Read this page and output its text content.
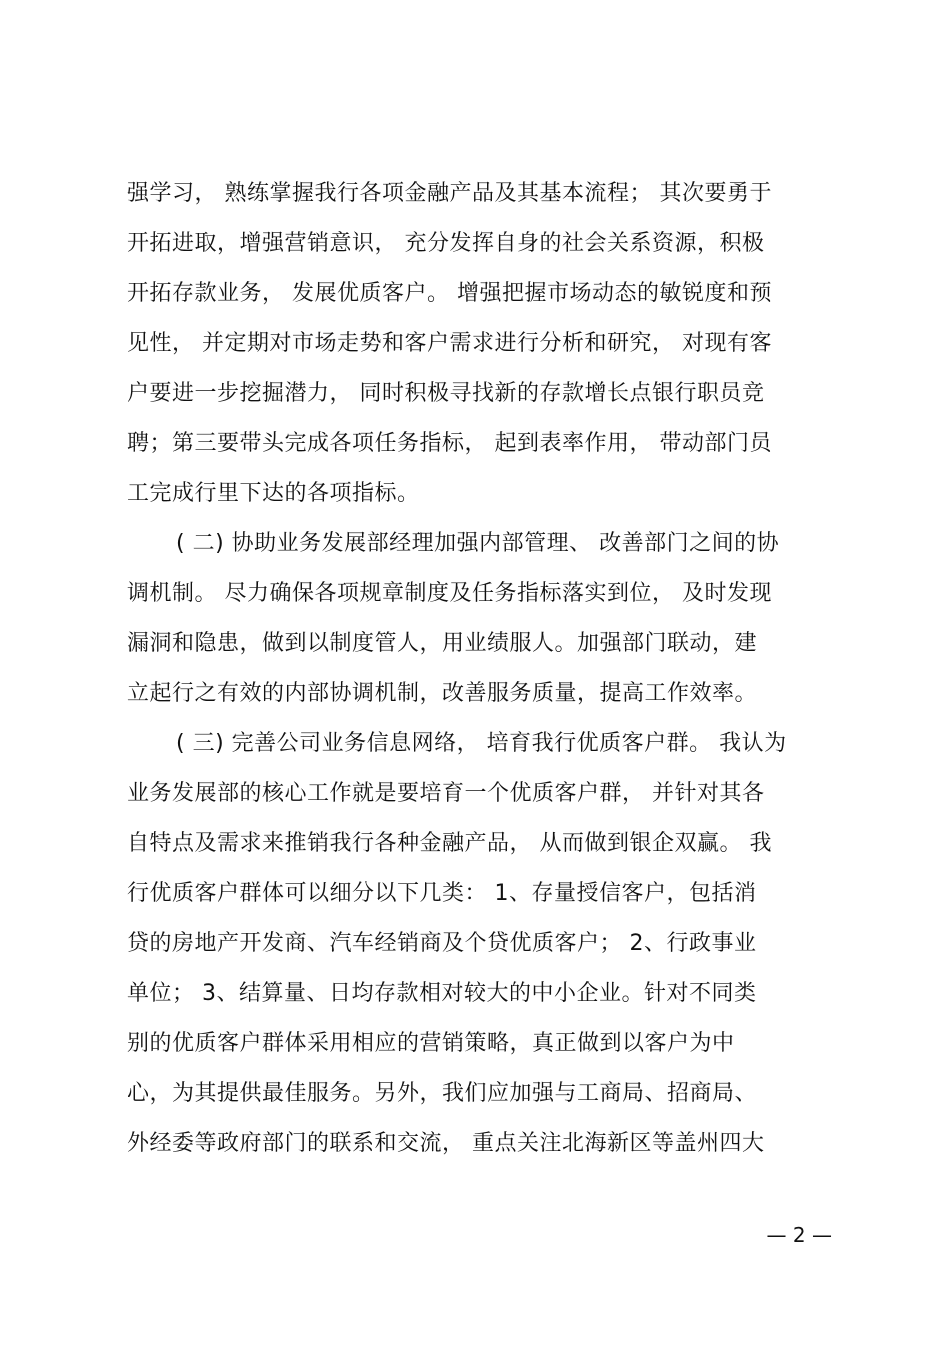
强学习， 熟练掌握我行各项金融产品及其基本流程； 其次要勇于
开拓进取，增强营销意识， 充分发挥自身的社会关系资源，积极
开拓存款业务， 发展优质客户。 增强把握市场动态的敏锐度和预
见性， 并定期对市场走势和客户需求进行分析和研究， 对现有客
户要进一步挖掘潜力， 同时积极寻找新的存款增长点银行职员竞
聘；第三要带头完成各项任务指标， 起到表率作用， 带动部门员
工完成行里下达的各项指标。
( 二) 协助业务发展部经理加强内部管理、 改善部门之间的协
调机制。 尽力确保各项规章制度及任务指标落实到位， 及时发现
漏洞和隐患，做到以制度管人，用业绩服人。加强部门联动，建
立起行之有效的内部协调机制，改善服务质量，提高工作效率。
( 三) 完善公司业务信息网络， 培育我行优质客户群。 我认为
业务发展部的核心工作就是要培育一个优质客户群， 并针对其各
自特点及需求来推销我行各种金融产品， 从而做到银企双赢。 我
行优质客户群体可以细分以下几类： 1、存量授信客户，包括消
贷的房地产开发商、汽车经销商及个贷优质客户； 2、行政事业
单位； 3、结算量、日均存款相对较大的中小企业。针对不同类
别的优质客户群体采用相应的营销策略，真正做到以客户为中
心，为其提供最佳服务。另外，我们应加强与工商局、招商局、
外经委等政府部门的联系和交流， 重点关注北海新区等盖州四大
— 2 —
